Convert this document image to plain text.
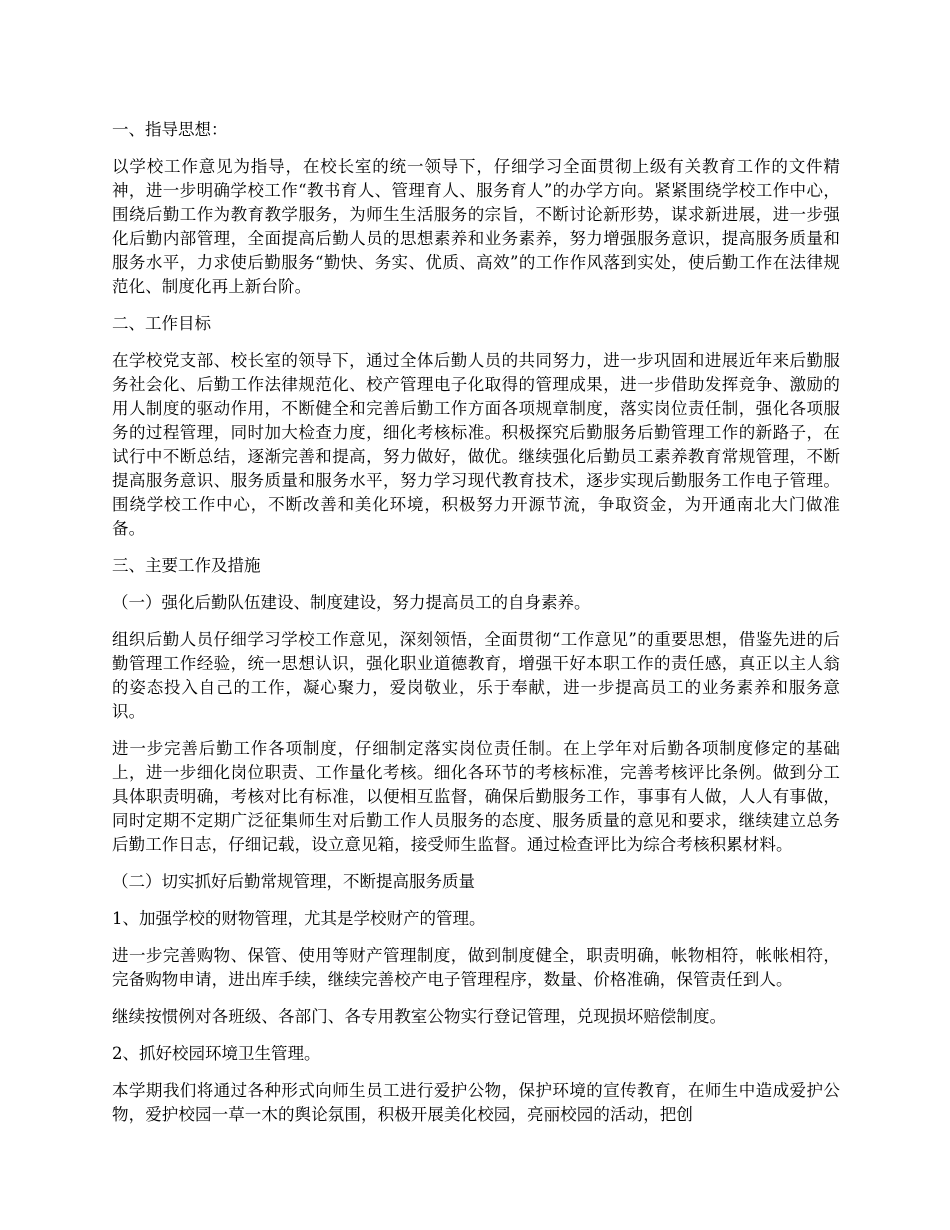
一、指导思想：
以学校工作意见为指导，在校长室的统一领导下，仔细学习全面贯彻上级有关教育工作的文件精神，进一步明确学校工作“教书育人、管理育人、服务育人”的办学方向。紧紧围绕学校工作中心，围绕后勤工作为教育教学服务，为师生生活服务的宗旨，不断讨论新形势，谋求新进展，进一步强化后勤内部管理，全面提高后勤人员的思想素养和业务素养，努力增强服务意识，提高服务质量和服务水平，力求使后勤服务“勤快、务实、优质、高效”的工作作风落到实处，使后勤工作在法律规范化、制度化再上新台阶。
二、工作目标
在学校党支部、校长室的领导下，通过全体后勤人员的共同努力，进一步巩固和进展近年来后勤服务社会化、后勤工作法律规范化、校产管理电子化取得的管理成果，进一步借助发挥竞争、激励的用人制度的驱动作用，不断健全和完善后勤工作方面各项规章制度，落实岗位责任制，强化各项服务的过程管理，同时加大检查力度，细化考核标准。积极探究后勤服务后勤管理工作的新路子，在试行中不断总结，逐渐完善和提高，努力做好，做优。继续强化后勤员工素养教育常规管理，不断提高服务意识、服务质量和服务水平，努力学习现代教育技术，逐步实现后勤服务工作电子管理。围绕学校工作中心，不断改善和美化环境，积极努力开源节流，争取资金，为开通南北大门做准备。
三、主要工作及措施
（一）强化后勤队伍建设、制度建设，努力提高员工的自身素养。
组织后勤人员仔细学习学校工作意见，深刻领悟，全面贯彻“工作意见”的重要思想，借鉴先进的后勤管理工作经验，统一思想认识，强化职业道德教育，增强干好本职工作的责任感，真正以主人翁的姿态投入自己的工作，凝心聚力，爱岗敬业，乐于奉献，进一步提高员工的业务素养和服务意识。
进一步完善后勤工作各项制度，仔细制定落实岗位责任制。在上学年对后勤各项制度修定的基础上，进一步细化岗位职责、工作量化考核。细化各环节的考核标准，完善考核评比条例。做到分工具体职责明确，考核对比有标准，以便相互监督，确保后勤服务工作，事事有人做，人人有事做，同时定期不定期广泛征集师生对后勤工作人员服务的态度、服务质量的意见和要求，继续建立总务后勤工作日志，仔细记载，设立意见箱，接受师生监督。通过检查评比为综合考核积累材料。
（二）切实抓好后勤常规管理，不断提高服务质量
1、加强学校的财物管理，尤其是学校财产的管理。
进一步完善购物、保管、使用等财产管理制度，做到制度健全，职责明确，帐物相符，帐帐相符，完备购物申请，进出库手续，继续完善校产电子管理程序，数量、价格准确，保管责任到人。
继续按惯例对各班级、各部门、各专用教室公物实行登记管理，兑现损坏赔偿制度。
2、抓好校园环境卫生管理。
本学期我们将通过各种形式向师生员工进行爱护公物，保护环境的宣传教育，在师生中造成爱护公物，爱护校园一草一木的舆论氛围，积极开展美化校园，亮丽校园的活动，把创
